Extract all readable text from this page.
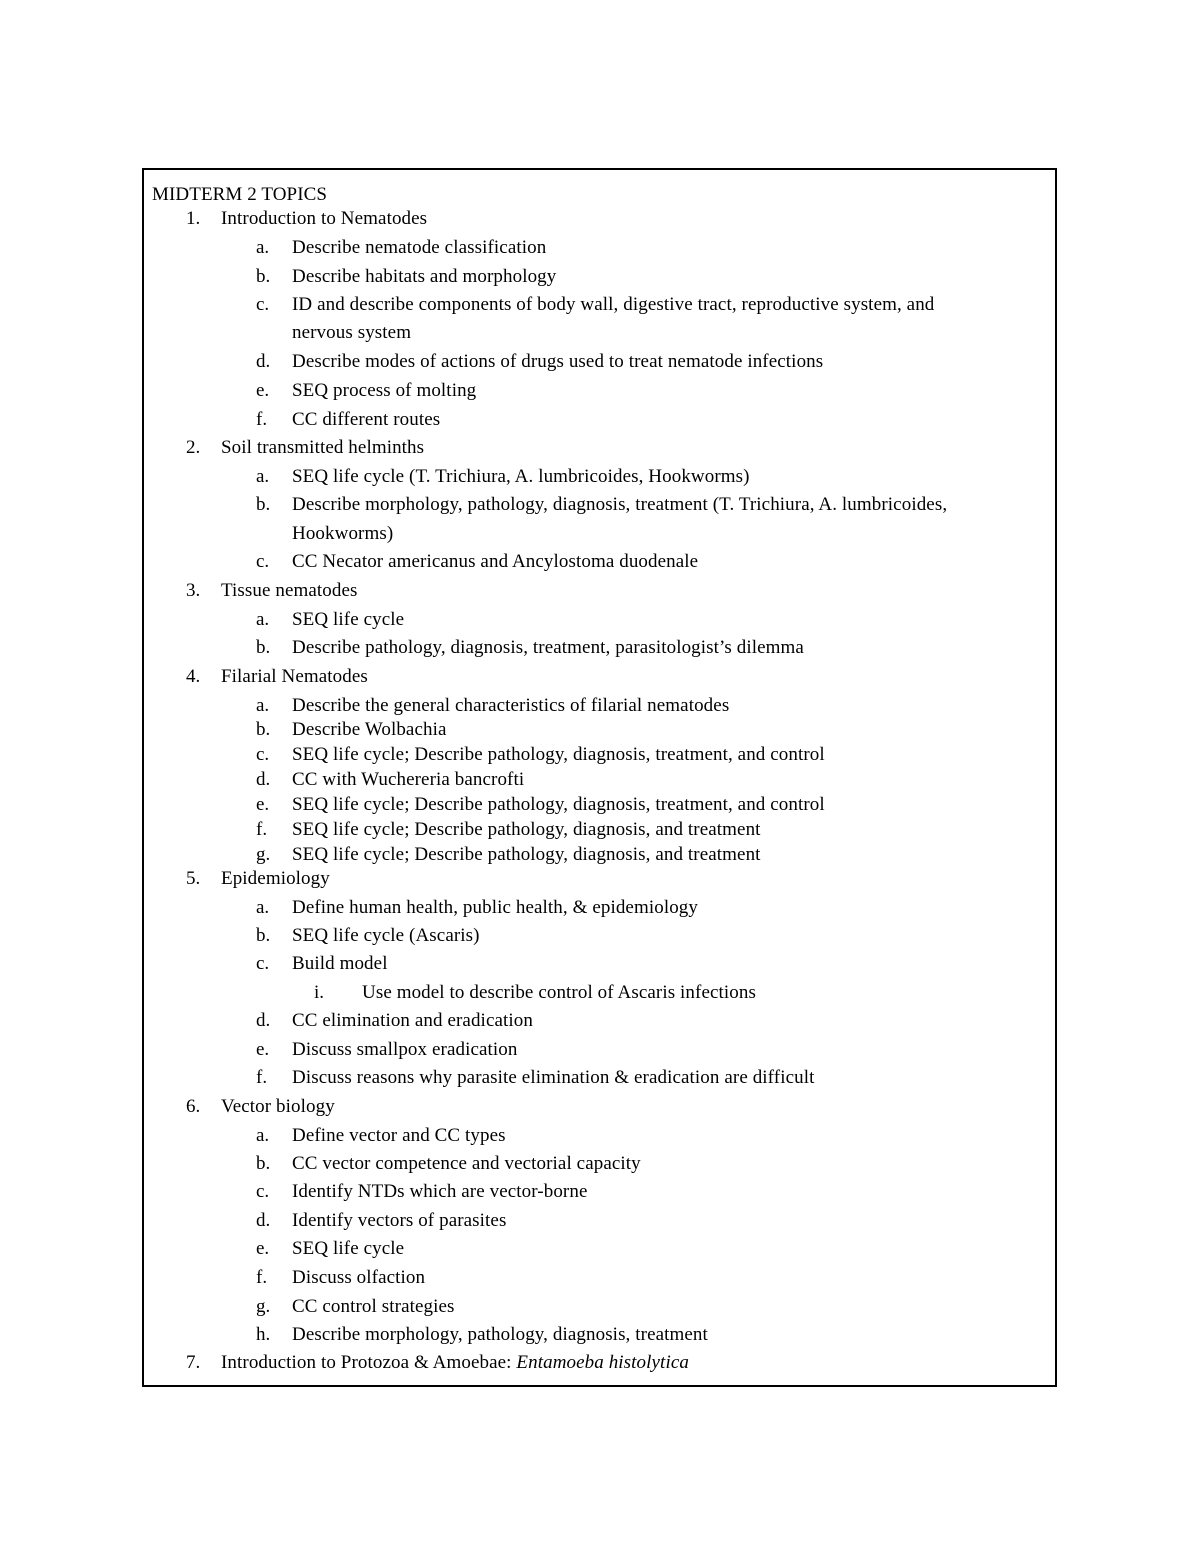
MIDTERM 2 TOPICS
1. Introduction to Nematodes
a. Describe nematode classification
b. Describe habitats and morphology
c. ID and describe components of body wall, digestive tract, reproductive system, and
nervous system
d. Describe modes of actions of drugs used to treat nematode infections
e. SEQ process of molting
f. CC different routes
2. Soil transmitted helminths
a. SEQ life cycle (T. Trichiura, A. lumbricoides, Hookworms)
b. Describe morphology, pathology, diagnosis, treatment (T. Trichiura, A. lumbricoides,
Hookworms)
c. CC Necator americanus and Ancylostoma duodenale
3. Tissue nematodes
a. SEQ life cycle
b. Describe pathology, diagnosis, treatment, parasitologist’s dilemma
4. Filarial Nematodes
a. Describe the general characteristics of filarial nematodes
b. Describe Wolbachia
c. SEQ life cycle; Describe pathology, diagnosis, treatment, and control
d. CC with Wuchereria bancrofti
e. SEQ life cycle; Describe pathology, diagnosis, treatment, and control
f. SEQ life cycle; Describe pathology, diagnosis, and treatment
g. SEQ life cycle; Describe pathology, diagnosis, and treatment
5. Epidemiology
a. Define human health, public health, & epidemiology
b. SEQ life cycle (Ascaris)
c. Build model
i. Use model to describe control of Ascaris infections
d. CC elimination and eradication
e. Discuss smallpox eradication
f. Discuss reasons why parasite elimination & eradication are difficult
6. Vector biology
a. Define vector and CC types
b. CC vector competence and vectorial capacity
c. Identify NTDs which are vector-borne
d. Identify vectors of parasites
e. SEQ life cycle
f. Discuss olfaction
g. CC control strategies
h. Describe morphology, pathology, diagnosis, treatment
7. Introduction to Protozoa & Amoebae: Entamoeba histolytica
